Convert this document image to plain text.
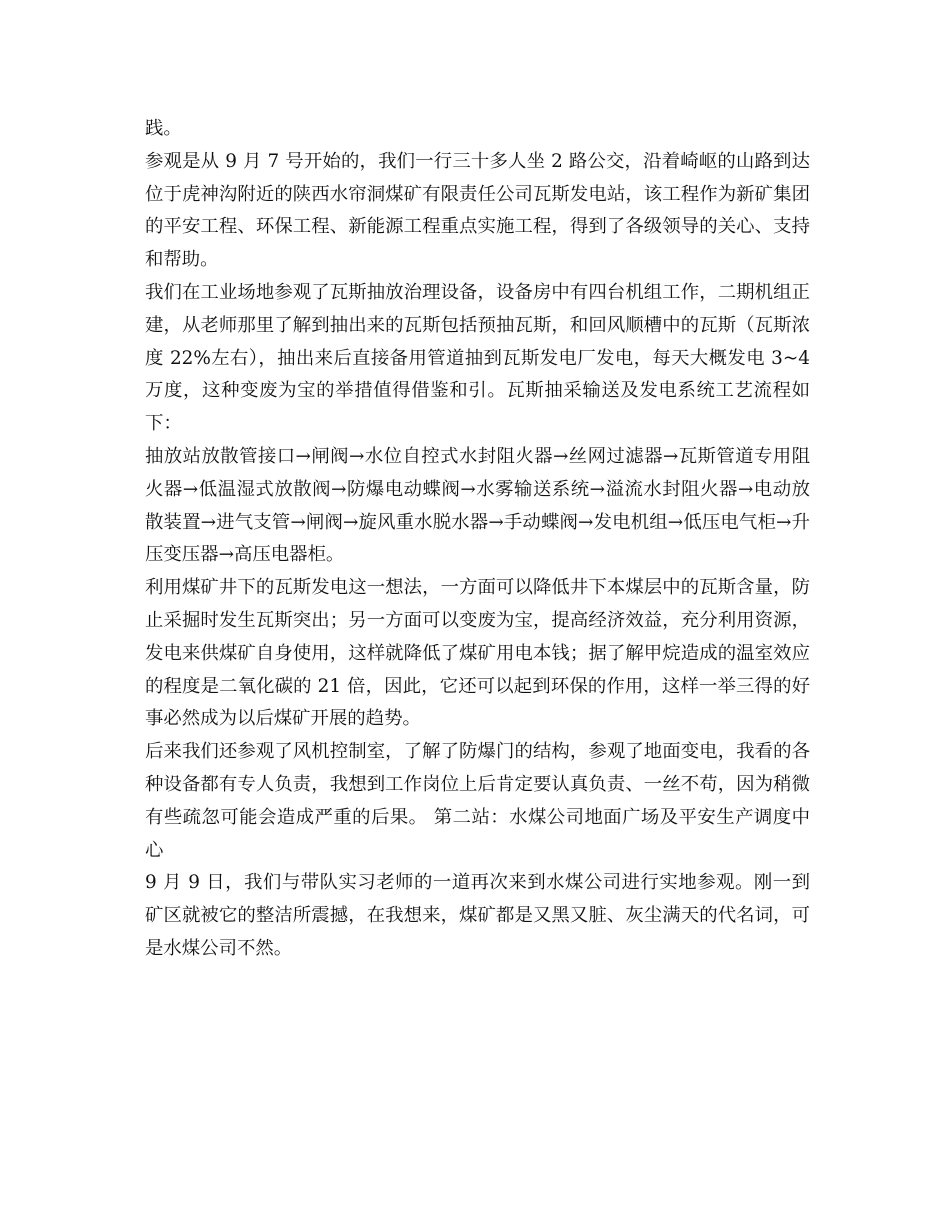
践。

参观是从 9 月 7 号开始的，我们一行三十多人坐 2 路公交，沿着崎岖的山路到达位于虎神沟附近的陕西水帘洞煤矿有限责任公司瓦斯发电站，该工程作为新矿集团的平安工程、环保工程、新能源工程重点实施工程，得到了各级领导的关心、支持和帮助。

我们在工业场地参观了瓦斯抽放治理设备，设备房中有四台机组工作，二期机组正建，从老师那里了解到抽出来的瓦斯包括预抽瓦斯，和回风顺槽中的瓦斯（瓦斯浓度 22%左右），抽出来后直接备用管道抽到瓦斯发电厂发电，每天大概发电 3~4 万度，这种变废为宝的举措值得借鉴和引。瓦斯抽采输送及发电系统工艺流程如下：

抽放站放散管接口→闸阀→水位自控式水封阻火器→丝网过滤器→瓦斯管道专用阻火器→低温湿式放散阀→防爆电动蝶阀→水雾输送系统→溢流水封阻火器→电动放散装置→进气支管→闸阀→旋风重水脱水器→手动蝶阀→发电机组→低压电气柜→升压变压器→高压电器柜。

利用煤矿井下的瓦斯发电这一想法，一方面可以降低井下本煤层中的瓦斯含量，防止采掘时发生瓦斯突出；另一方面可以变废为宝，提高经济效益，充分利用资源，发电来供煤矿自身使用，这样就降低了煤矿用电本钱；据了解甲烷造成的温室效应的程度是二氧化碳的 21 倍，因此，它还可以起到环保的作用，这样一举三得的好事必然成为以后煤矿开展的趋势。

后来我们还参观了风机控制室，了解了防爆门的结构，参观了地面变电，我看的各种设备都有专人负责，我想到工作岗位上后肯定要认真负责、一丝不苟，因为稍微有些疏忽可能会造成严重的后果。 第二站：水煤公司地面广场及平安生产调度中心

9 月 9 日，我们与带队实习老师的一道再次来到水煤公司进行实地参观。刚一到矿区就被它的整洁所震撼，在我想来，煤矿都是又黑又脏、灰尘满天的代名词，可是水煤公司不然。
